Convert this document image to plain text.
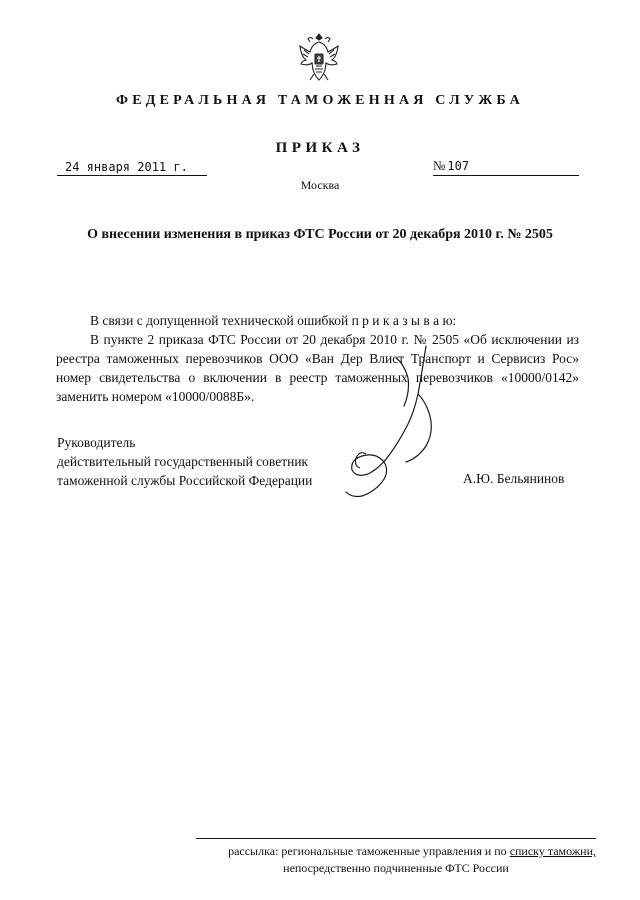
ФЕДЕРАЛЬНАЯ ТАМОЖЕННАЯ СЛУЖБА
ПРИКАЗ
24 января 2011 г.	№ 107
Москва
О внесении изменения в приказ ФТС России от 20 декабря 2010 г. № 2505

В связи с допущенной технической ошибкой п р и к а з ы в а ю:

В пункте 2 приказа ФТС России от 20 декабря 2010 г. № 2505 «Об исключении из реестра таможенных перевозчиков ООО «Ван Дер Влист Транспорт и Сервисиз Рос» номер свидетельства о включении в реестр таможенных перевозчиков «10000/0142» заменить номером «10000/0088Б».

Руководитель
действительный государственный советник
таможенной службы Российской Федерации	А.Ю. Бельянинов
рассылка: региональные таможенные управления и по списку таможни,
непосредственно подчиненные ФТС России
